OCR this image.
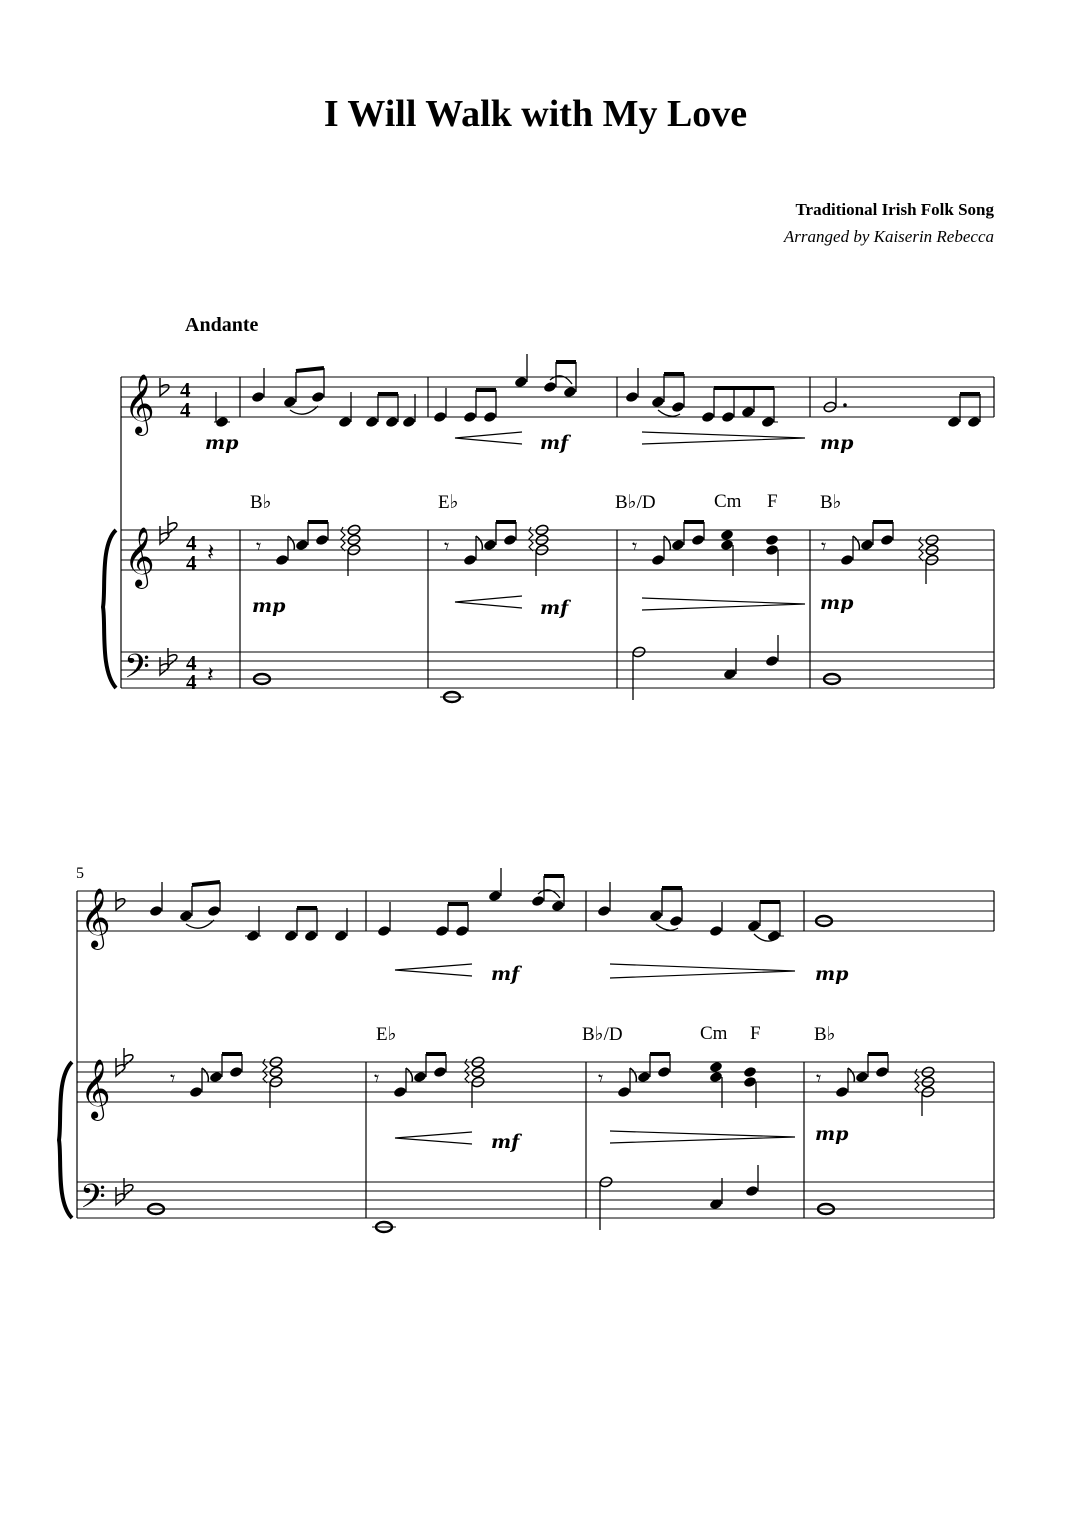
I Will Walk with My Love
Traditional Irish Folk Song
Arranged by Kaiserin Rebecca
Andante
B♭	E♭	B♭/D	Cm F B♭
E♭	B♭/D	Cm F	B♭
5
𝄞
𝄞
𝄢
4
4
4
4
4
4
mp	mf	mp
mp	mf	mp
𝄽 𝄾
𝄽
𝄞
𝄞
𝄢
mf	mp
mf	mp
